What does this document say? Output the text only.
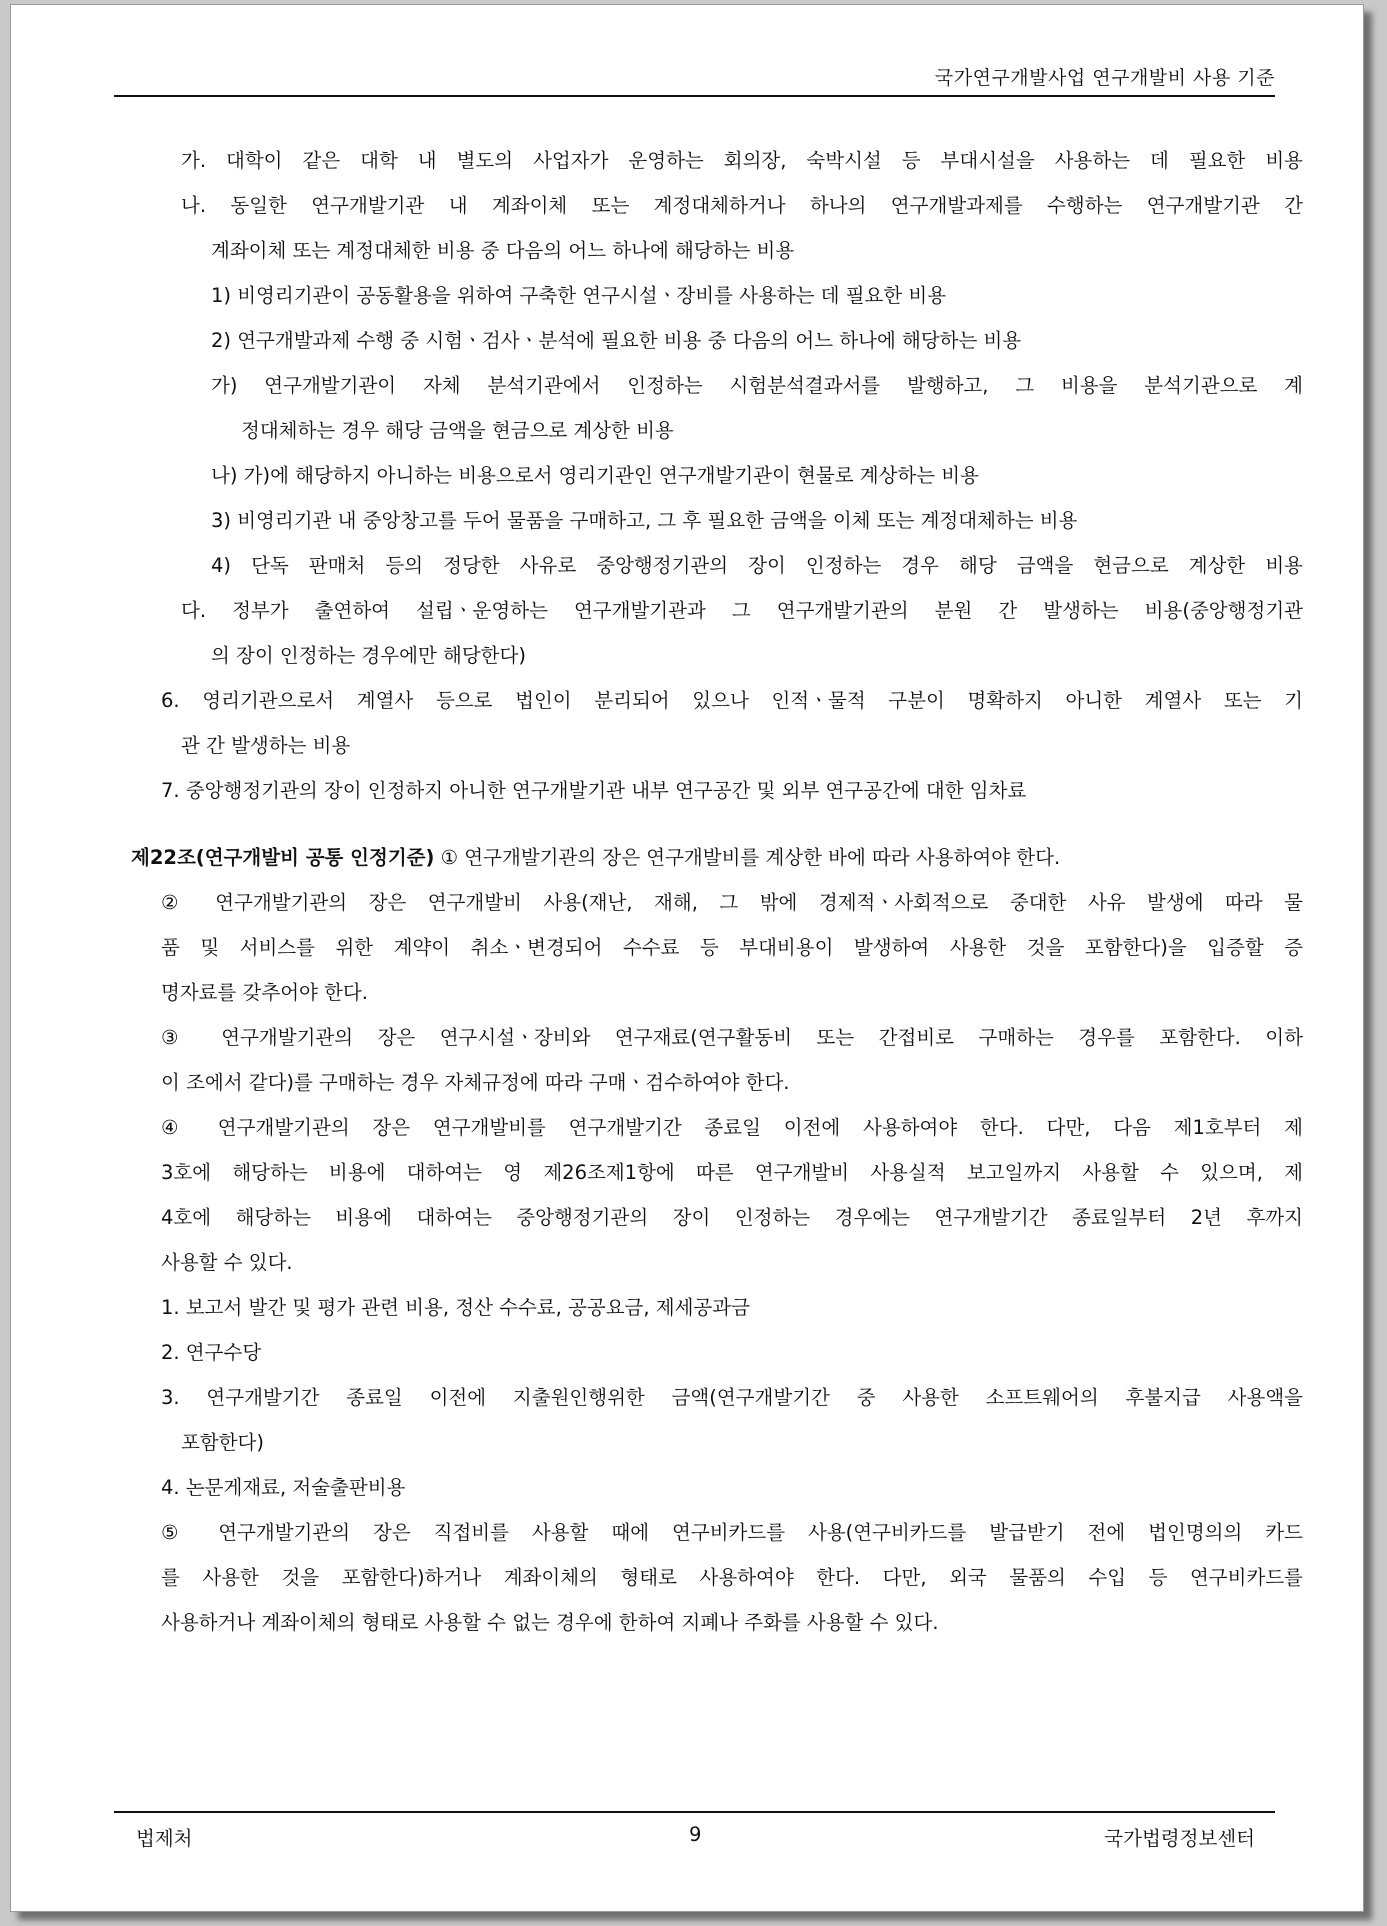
국가연구개발사업 연구개발비 사용 기준
가. 대학이 같은 대학 내 별도의 사업자가 운영하는 회의장, 숙박시설 등 부대시설을 사용하는 데 필요한 비용
나. 동일한 연구개발기관 내 계좌이체 또는 계정대체하거나 하나의 연구개발과제를 수행하는 연구개발기관 간
계좌이체 또는 계정대체한 비용 중 다음의 어느 하나에 해당하는 비용
1) 비영리기관이 공동활용을 위하여 구축한 연구시설ㆍ장비를 사용하는 데 필요한 비용
2) 연구개발과제 수행 중 시험ㆍ검사ㆍ분석에 필요한 비용 중 다음의 어느 하나에 해당하는 비용
가) 연구개발기관이 자체 분석기관에서 인정하는 시험분석결과서를 발행하고, 그 비용을 분석기관으로 계
정대체하는 경우 해당 금액을 현금으로 계상한 비용
나) 가)에 해당하지 아니하는 비용으로서 영리기관인 연구개발기관이 현물로 계상하는 비용
3) 비영리기관 내 중앙창고를 두어 물품을 구매하고, 그 후 필요한 금액을 이체 또는 계정대체하는 비용
4) 단독 판매처 등의 정당한 사유로 중앙행정기관의 장이 인정하는 경우 해당 금액을 현금으로 계상한 비용
다. 정부가 출연하여 설립ㆍ운영하는 연구개발기관과 그 연구개발기관의 분원 간 발생하는 비용(중앙행정기관
의 장이 인정하는 경우에만 해당한다)
6. 영리기관으로서 계열사 등으로 법인이 분리되어 있으나 인적ㆍ물적 구분이 명확하지 아니한 계열사 또는 기
관 간 발생하는 비용
7. 중앙행정기관의 장이 인정하지 아니한 연구개발기관 내부 연구공간 및 외부 연구공간에 대한 임차료
제22조(연구개발비 공통 인정기준) ① 연구개발기관의 장은 연구개발비를 계상한 바에 따라 사용하여야 한다.
② 연구개발기관의 장은 연구개발비 사용(재난, 재해, 그 밖에 경제적ㆍ사회적으로 중대한 사유 발생에 따라 물
품 및 서비스를 위한 계약이 취소ㆍ변경되어 수수료 등 부대비용이 발생하여 사용한 것을 포함한다)을 입증할 증
명자료를 갖추어야 한다.
③ 연구개발기관의 장은 연구시설ㆍ장비와 연구재료(연구활동비 또는 간접비로 구매하는 경우를 포함한다. 이하
이 조에서 같다)를 구매하는 경우 자체규정에 따라 구매ㆍ검수하여야 한다.
④ 연구개발기관의 장은 연구개발비를 연구개발기간 종료일 이전에 사용하여야 한다. 다만, 다음 제1호부터 제
3호에 해당하는 비용에 대하여는 영 제26조제1항에 따른 연구개발비 사용실적 보고일까지 사용할 수 있으며, 제
4호에 해당하는 비용에 대하여는 중앙행정기관의 장이 인정하는 경우에는 연구개발기간 종료일부터 2년 후까지
사용할 수 있다.
1. 보고서 발간 및 평가 관련 비용, 정산 수수료, 공공요금, 제세공과금
2. 연구수당
3. 연구개발기간 종료일 이전에 지출원인행위한 금액(연구개발기간 중 사용한 소프트웨어의 후불지급 사용액을
포함한다)
4. 논문게재료, 저술출판비용
⑤ 연구개발기관의 장은 직접비를 사용할 때에 연구비카드를 사용(연구비카드를 발급받기 전에 법인명의의 카드
를 사용한 것을 포함한다)하거나 계좌이체의 형태로 사용하여야 한다. 다만, 외국 물품의 수입 등 연구비카드를
사용하거나 계좌이체의 형태로 사용할 수 없는 경우에 한하여 지폐나 주화를 사용할 수 있다.
법제처	9	국가법령정보센터
